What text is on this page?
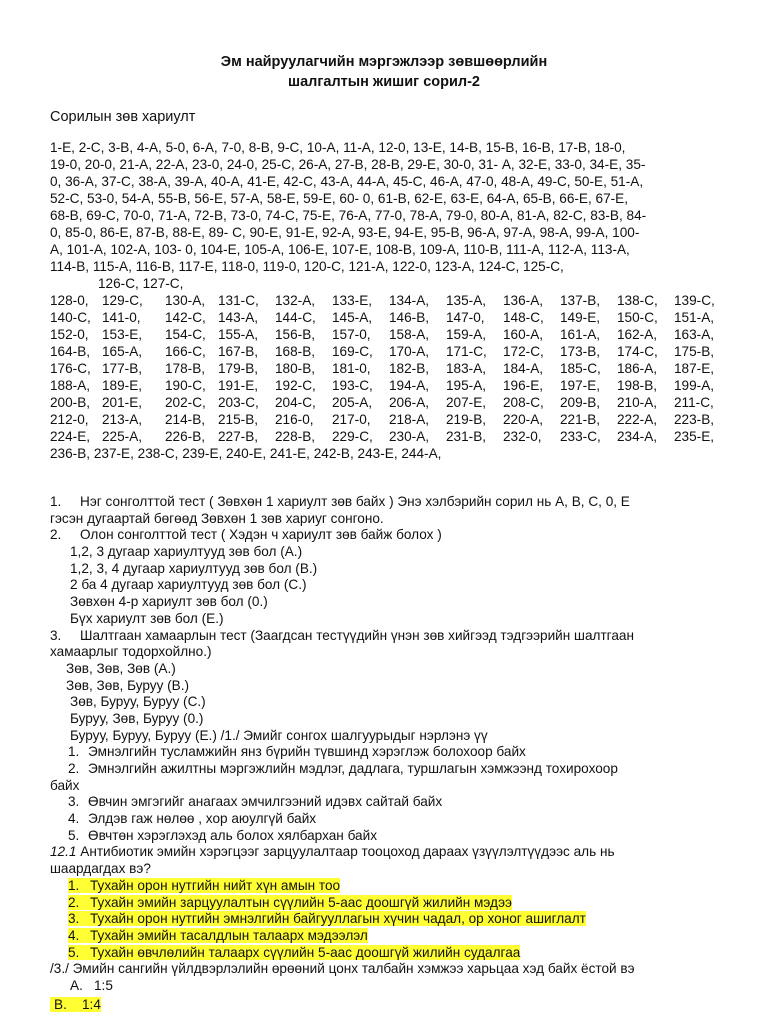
Эм найруулагчийн мэргэжлээр зөвшөөрлийн
шалгалтын жишиг сорил-2
Сорилын зөв хариулт
1-Е, 2-С, 3-В, 4-А, 5-0, 6-А, 7-0, 8-В, 9-С, 10-А, 11-А, 12-0, 13-Е, 14-В, 15-В, 16-В, 17-В, 18-0,
19-0, 20-0, 21-А, 22-А, 23-0, 24-0, 25-С, 26-А, 27-В, 28-В, 29-Е, 30-0, 31- А, 32-Е, 33-0, 34-Е, 35-
0, 36-А, 37-С, 38-А, 39-А, 40-А, 41-Е, 42-С, 43-А, 44-А, 45-С, 46-А, 47-0, 48-А, 49-С, 50-Е, 51-А,
52-С, 53-0, 54-А, 55-В, 56-Е, 57-А, 58-Е, 59-Е, 60- 0, 61-В, 62-Е, 63-Е, 64-А, 65-В, 66-Е, 67-Е,
68-В, 69-С, 70-0, 71-А, 72-В, 73-0, 74-С, 75-Е, 76-А, 77-0, 78-А, 79-0, 80-А, 81-А, 82-С, 83-В, 84-
0, 85-0, 86-Е, 87-В, 88-Е, 89- С, 90-Е, 91-Е, 92-А, 93-Е, 94-Е, 95-В, 96-А, 97-А, 98-А, 99-А, 100-
А, 101-А, 102-А, 103- 0, 104-Е, 105-А, 106-Е, 107-Е, 108-В, 109-А, 110-В, 111-А, 112-А, 113-А,
114-В, 115-А, 116-В, 117-Е, 118-0, 119-0, 120-С, 121-А, 122-0, 123-А, 124-С, 125-С,
126-С, 127-С,
128-0, 129-С,	130-А, 131-С,	132-А,	133-Е,	134-А,	135-А,	136-А,	137-В,	138-С,	139-С,
140-С, 141-0,	142-С, 143-А,	144-С,	145-А,	146-В,	147-0,	148-С,	149-Е,	150-С,	151-А,
152-0, 153-Е,	154-С, 155-А,	156-В,	157-0,	158-А,	159-А,	160-А,	161-А,	162-А,	163-А,
164-В, 165-А,	166-С, 167-В,	168-В,	169-С,	170-А,	171-С,	172-С,	173-В,	174-С,	175-В,
176-С, 177-В,	178-В, 179-В,	180-В,	181-0,	182-В,	183-А,	184-А,	185-С,	186-А,	187-Е,
188-А, 189-Е,	190-С, 191-Е,	192-С,	193-С,	194-А,	195-А,	196-Е,	197-Е,	198-В,	199-А,
200-В, 201-Е,	202-С, 203-С,	204-С,	205-А,	206-А,	207-Е,	208-С,	209-В,	210-А,	211-С,
212-0, 213-А,	214-В, 215-В,	216-0,	217-0,	218-А,	219-В,	220-А,	221-В,	222-А,	223-В,
224-Е, 225-А,	226-В, 227-В,	228-В,	229-С,	230-А,	231-В,	232-0,	233-С,	234-А,	235-Е,
236-В, 237-Е, 238-С, 239-Е, 240-Е, 241-Е, 242-В, 243-Е, 244-А,
1. Нэг сонголттой тест ( Зөвхөн 1 хариулт зөв байх ) Энэ хэлбэрийн сорил нь А, В, С, 0, Е
гэсэн дугаартай бөгөөд Зөвхөн 1 зөв хариуг сонгоно.
2. Олон сонголттой тест ( Хэдэн ч хариулт зөв байж болох )
1,2, 3 дугаар хариултууд зөв бол (А.)
1,2, 3, 4 дугаар хариултууд зөв бол (В.)
2 ба 4 дугаар хариултууд зөв бол (С.)
Зөвхөн 4-р хариулт зөв бол (0.)
Бүх хариулт зөв бол (Е.)
3. Шалтгаан хамаарлын тест (Заагдсан тестүүдийн үнэн зөв хийгээд тэдгээрийн шалтгаан
хамаарлыг тодорхойлно.)
Зөв, Зөв, Зөв (А.)
Зөв, Зөв, Буруу (В.)
Зөв, Буруу, Буруу (С.)
Буруу, Зөв, Буруу (0.)
Буруу, Буруу, Буруу (Е.) /1./ Эмийг сонгох шалгуурыдыг нэрлэнэ үү
1. Эмнэлгийн тусламжийн янз бүрийн түвшинд хэрэглэж болохоор байх
2. Эмнэлгийн ажилтны мэргэжлийн мэдлэг, дадлага, туршлагын хэмжээнд тохирохоор
байх
3. Өвчин эмгэгийг анагаах эмчилгээний идэвх сайтай байх
4. Элдэв гаж нөлөө , хор аюулгүй байх
5. Өвчтөн хэрэглэхэд аль болох хялбархан байх
12.1 Антибиотик эмийн хэрэгцээг зарцуулалтаар тооцоход дараах үзүүлэлтүүдээс аль нь
шаардагдах вэ?
1. Тухайн орон нутгийн нийт хүн амын тоо
2. Тухайн эмийн зарцуулалтын сүүлийн 5-аас доошгүй жилийн мэдээ
3. Тухайн орон нутгийн эмнэлгийн байгууллагын хүчин чадал, ор хоног ашиглалт
4. Тухайн эмийн тасалдлын талаарх мэдээлэл
5. Тухайн өвчлөлийн талаарх сүүлийн 5-аас доошгүй жилийн судалгаа
/3./ Эмийн сангийн үйлдвэрлэлийн өрөөний цонх талбайн хэмжээ харьцаа хэд байх ёстой вэ
А. 1:5
В. 1:4
